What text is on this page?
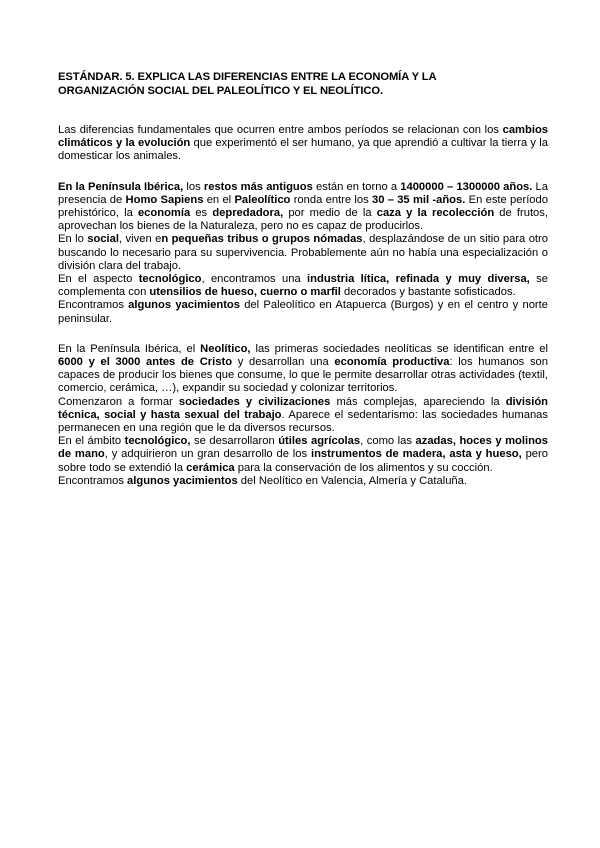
ESTÁNDAR. 5. EXPLICA LAS DIFERENCIAS ENTRE LA ECONOMÍA Y LA
ORGANIZACIÓN SOCIAL DEL PALEOLÍTICO Y EL NEOLÍTICO.
Las diferencias fundamentales que ocurren entre ambos períodos se relacionan con los cambios climáticos y la evolución que experimentó el ser humano, ya que aprendió a cultivar la tierra y la domesticar los animales.
En la Península Ibérica, los restos más antiguos están en torno a 1400000 – 1300000 años. La presencia de Homo Sapiens en el Paleolítico ronda entre los 30 – 35 mil -años. En este período prehistórico, la economía es depredadora, por medio de la caza y la recolección de frutos, aprovechan los bienes de la Naturaleza, pero no es capaz de producirlos.
En lo social, viven en pequeñas tribus o grupos nómadas, desplazándose de un sitio para otro buscando lo necesario para su supervivencia. Probablemente aún no había una especialización o división clara del trabajo.
En el aspecto tecnológico, encontramos una industria lítica, refinada y muy diversa, se complementa con utensilios de hueso, cuerno o marfil decorados y bastante sofisticados.
Encontramos algunos yacimientos del Paleolítico en Atapuerca (Burgos) y en el centro y norte peninsular.
En la Península Ibérica, el Neolítico, las primeras sociedades neolíticas se identifican entre el 6000 y el 3000 antes de Cristo y desarrollan una economía productiva: los humanos son capaces de producir los bienes que consume, lo que le permite desarrollar otras actividades (textil, comercio, cerámica, …), expandir su sociedad y colonizar territorios.
Comenzaron a formar sociedades y civilizaciones más complejas, apareciendo la división técnica, social y hasta sexual del trabajo. Aparece el sedentarismo: las sociedades humanas permanecen en una región que le da diversos recursos.
En el ámbito tecnológico, se desarrollaron útiles agrícolas, como las azadas, hoces y molinos de mano, y adquirieron un gran desarrollo de los instrumentos de madera, asta y hueso, pero sobre todo se extendió la cerámica para la conservación de los alimentos y su cocción.
Encontramos algunos yacimientos del Neolítico en Valencia, Almería y Cataluña.
